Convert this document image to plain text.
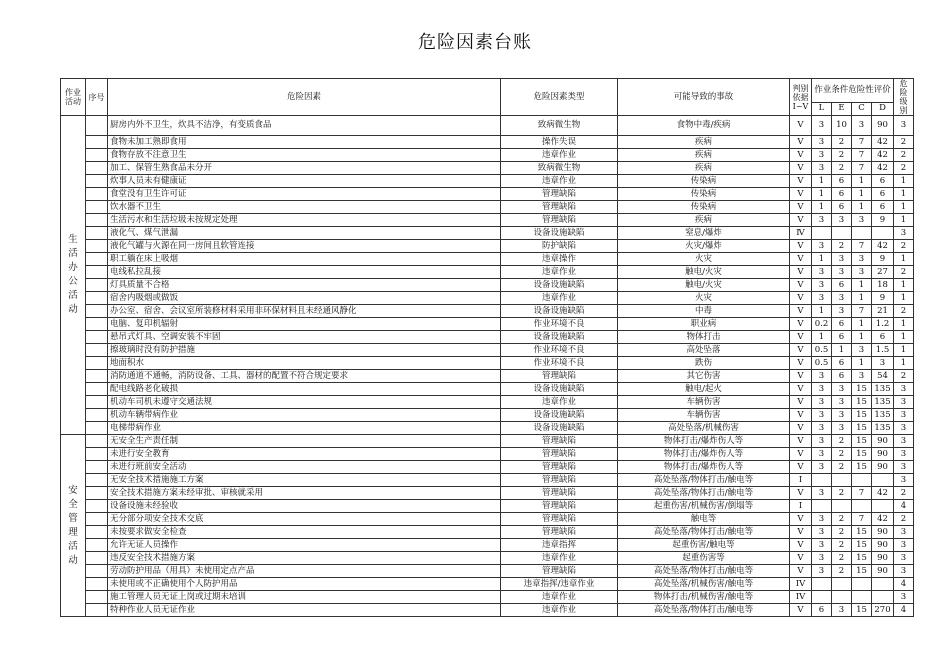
危险因素台账
作业
活动	序号	危险因素	危险因素类型	可能导致的事故	判别
依据
I~V	作业条件危险性评价				危险
级别
						L	E	C	D	

生活办公活动		厨房内外不卫生，炊具不洁净，有变质食品	致病微生物	食物中毒/疾病	V	3	10	3	90	3
		食物未加工熟即食用	操作失误	疾病	V	3	2	7	42	2
		食物存放不注意卫生	违章作业	疾病	V	3	2	7	42	2
		加工、保管生熟食品未分开	致病微生物	疾病	V	3	2	7	42	2
		炊事人员未有健康证	违章作业	传染病	V	1	6	1	6	1
		食堂没有卫生许可证	管理缺陷	传染病	V	1	6	1	6	1
		饮水器不卫生	管理缺陷	传染病	V	1	6	1	6	1
		生活污水和生活垃圾未按规定处理	管理缺陷	疾病	V	3	3	3	9	1
		液化气、煤气泄漏	设备设施缺陷	窒息/爆炸	Ⅳ					3
		液化气罐与火源在同一房间且软管连接	防护缺陷	火灾/爆炸	V	3	2	7	42	2
		职工躺在床上吸烟	违章操作	火灾	V	1	3	3	9	1
		电线私拉乱接	违章作业	触电/火灾	V	3	3	3	27	2
		灯具质量不合格	设备设施缺陷	触电/火灾	V	3	6	1	18	1
		宿舍内吸烟或做饭	违章作业	火灾	V	3	3	1	9	1
		办公室、宿舍、会议室所装修材料采用非环保材料且未经通风静化	设备设施缺陷	中毒	V	1	3	7	21	2
		电脑、复印机辐射	作业环境不良	职业病	V	0.2	6	1	1.2	1
		悬吊式灯具、空调安装不牢固	设备设施缺陷	物体打击	V	1	6	1	6	1
		擦玻璃时没有防护措施	作业环境不良	高处坠落	V	0.5	1	3	1.5	1
		地面积水	作业环境不良	跌伤	V	0.5	6	1	3	1
		消防通道不通畅，消防设备、工具、器材的配置不符合规定要求	管理缺陷	其它伤害	V	3	6	3	54	2
		配电线路老化破损	设备设施缺陷	触电/起火	V	3	3	15	135	3
		机动车司机未遵守交通法规	违章作业	车辆伤害	V	3	3	15	135	3
		机动车辆带病作业	设备设施缺陷	车辆伤害	V	3	3	15	135	3
		电梯带病作业	设备设施缺陷	高处坠落/机械伤害	V	3	3	15	135	3

安全管理活动		无安全生产责任制	管理缺陷	物体打击/爆炸伤人等	V	3	2	15	90	3
		未进行安全教育	管理缺陷	物体打击/爆炸伤人等	V	3	2	15	90	3
		未进行班前安全活动	管理缺陷	物体打击/爆炸伤人等	V	3	2	15	90	3
		无安全技术措施施工方案	管理缺陷	高处坠落/物体打击/触电等	I					3
		安全技术措施方案未经审批、审核就采用	管理缺陷	高处坠落/物体打击/触电等	V	3	2	7	42	2
		设备设施未经验收	管理缺陷	起重伤害/机械伤害/倒塌等	I					4
		无分部分项安全技术交底	管理缺陷	触电等	V	3	2	7	42	2
		未按要求做安全检查	管理缺陷	高处坠落/物体打击/触电等	V	3	2	15	90	3
		允许无证人员操作	违章指挥	起重伤害/触电等	V	3	2	15	90	3
		违反安全技术措施方案	违章作业	起重伤害等	V	3	2	15	90	3
		劳动防护用品（用具）未使用定点产品	管理缺陷	高处坠落/物体打击/触电等	V	3	2	15	90	3
		未使用或不正确使用个人防护用品	违章指挥/违章作业	高处坠落/机械伤害/触电等	IV					4
		施工管理人员无证上岗或过期未培训	违章作业	物体打击/机械伤害/触电等	IV					3
		特种作业人员无证作业	违章作业	高处坠落/物体打击/触电等	V	6	3	15	270	4
